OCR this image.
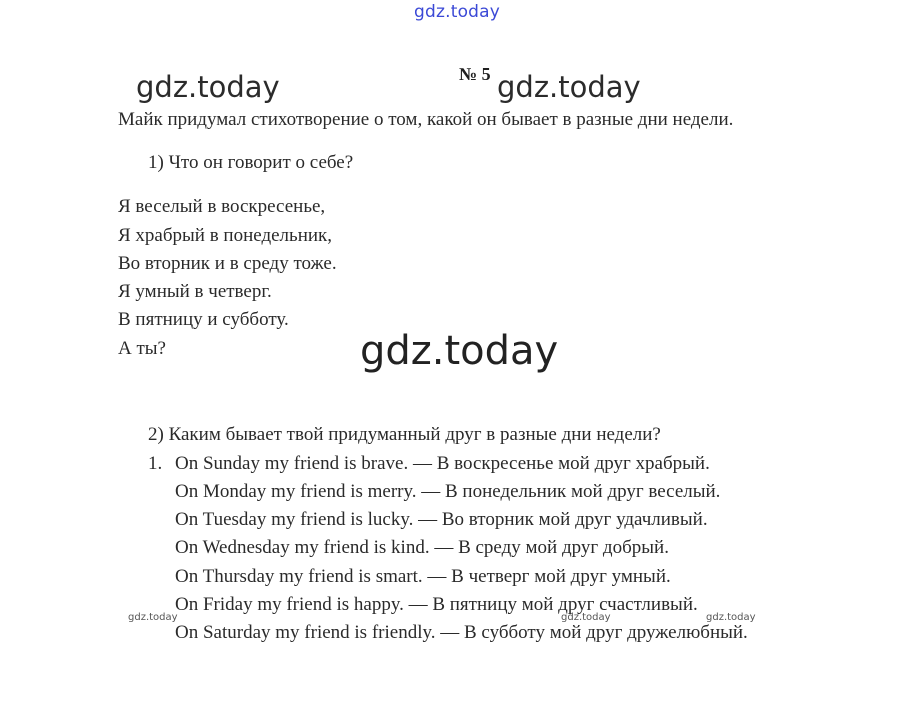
gdz.today
gdz.today	gdz.today
№ 5
Майк придумал стихотворение о том, какой он бывает в разные дни недели.
1) Что он говорит о себе?
Я веселый в воскресенье,
Я храбрый в понедельник,
Во вторник и в среду тоже.
Я умный в четверг.
В пятницу и субботу.
А ты?	gdz.today
2) Каким бывает твой придуманный друг в разные дни недели?
1. On Sunday my friend is brave. — В воскресенье мой друг храбрый.
On Monday my friend is merry. — В понедельник мой друг веселый.
On Tuesday my friend is lucky. — Во вторник мой друг удачливый.
On Wednesday my friend is kind. — В среду мой друг добрый.
On Thursday my friend is smart. — В четверг мой друг умный.
On Friday my friend is happy. — В пятницу мой друг счастливый.
On Saturday my friend is friendly. — В субботу мой друг дружелюбный.
gdz.today	gdz.today	gdz.today
